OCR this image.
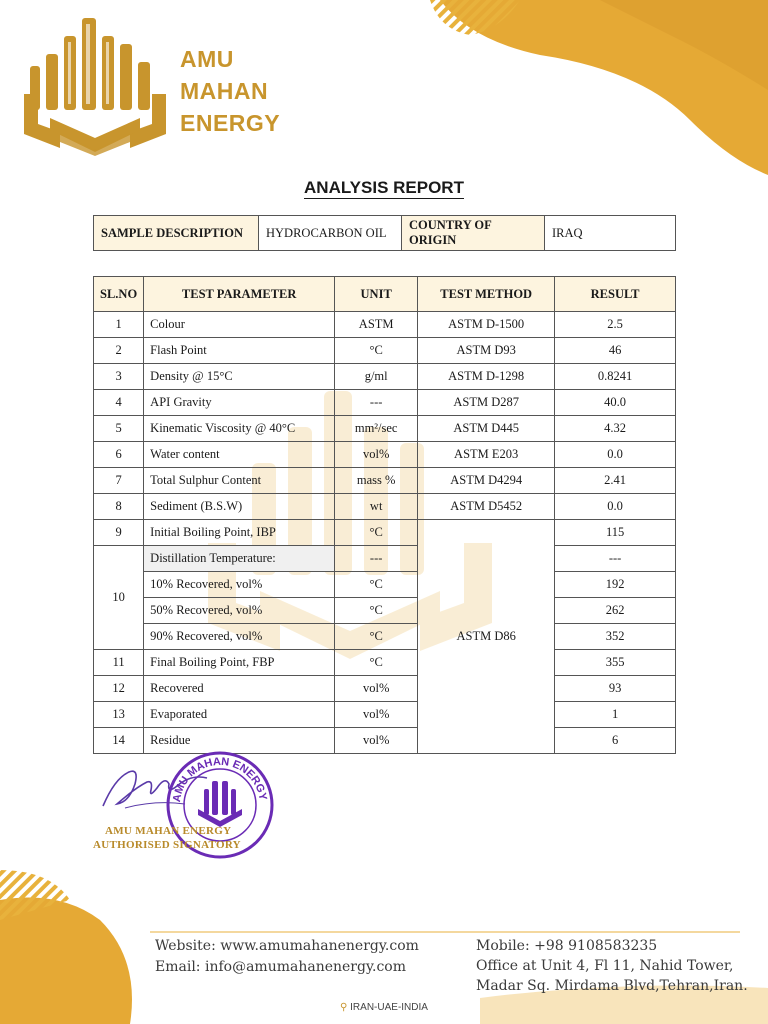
AMU
MAHAN
ENERGY
ANALYSIS REPORT
SAMPLE DESCRIPTION	HYDROCARBON OIL	COUNTRY OF ORIGIN	IRAQ
SL.NO	TEST PARAMETER	UNIT	TEST METHOD	RESULT
1	Colour	ASTM	ASTM D-1500	2.5
2	Flash Point	°C	ASTM D93	46
3	Density @ 15°C	g/ml	ASTM D-1298	0.8241
4	API Gravity	---	ASTM D287	40.0
5	Kinematic Viscosity @ 40°C	mm²/sec	ASTM D445	4.32
6	Water content	vol%	ASTM E203	0.0
7	Total Sulphur Content	mass %	ASTM D4294	2.41
8	Sediment (B.S.W)	wt	ASTM D5452	0.0
9	Initial Boiling Point, IBP	°C	ASTM D86	115
10	Distillation Temperature:	---		---
	10% Recovered, vol%	°C		192
	50% Recovered, vol%	°C		262
	90% Recovered, vol%	°C		352
11	Final Boiling Point, FBP	°C		355
12	Recovered	vol%		93
13	Evaporated	vol%		1
14	Residue	vol%		6
AMU MAHAN ENERGY
AMU MAHAN ENERGY
AUTHORISED SIGNATORY
Website: www.amumahanenergy.com
Email: info@amumahanenergy.com
Mobile: +98 9108583235
Office at Unit 4, Fl 11, Nahid Tower,
Madar Sq. Mirdama Blvd,Tehran,Iran.
⚲ IRAN-UAE-INDIA
